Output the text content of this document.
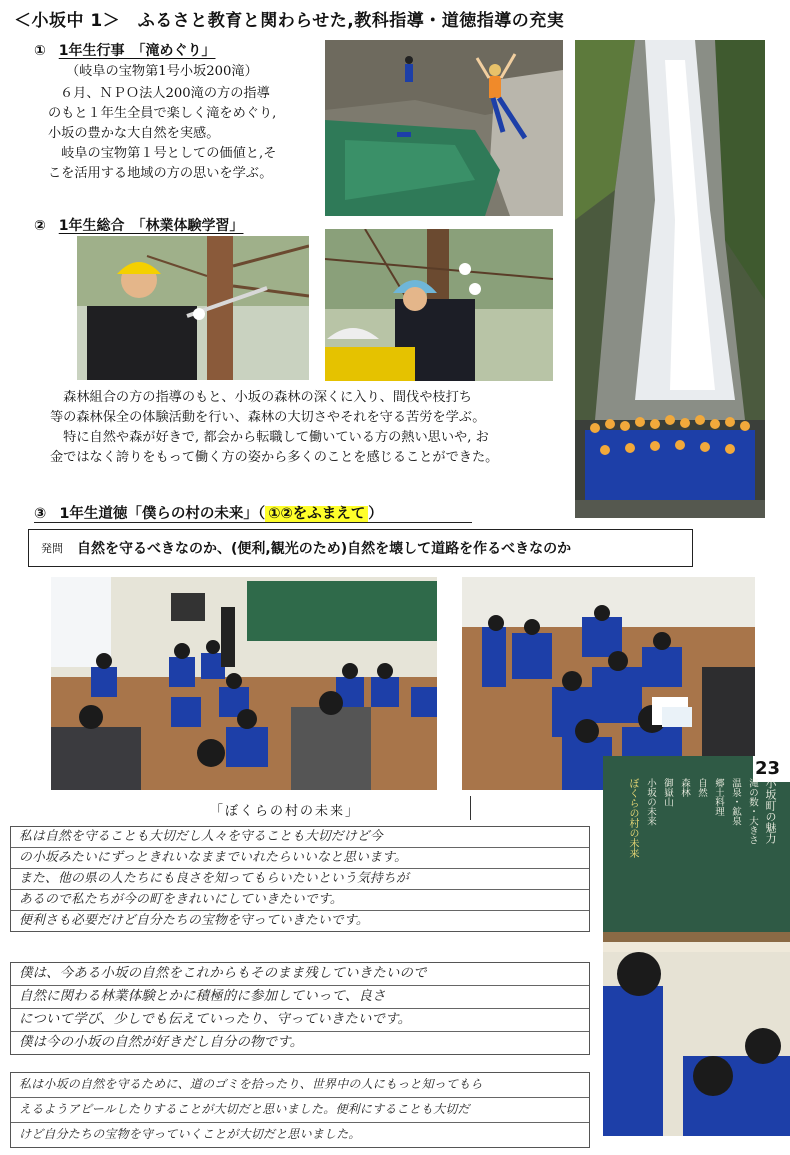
＜小坂中 1＞　ふるさと教育と関わらせた,教科指導・道徳指導の充実
① 1年生行事　「滝めぐり」
（岐阜の宝物第1号小坂200滝）
６月、ＮＰＯ法人200滝の方の指導
のもと１年生全員で楽しく滝をめぐり,
小坂の豊かな大自然を実感。
　岐阜の宝物第１号としての価値と,そ
こを活用する地域の方の思いを学ぶ。
② 1年生総合　「林業体験学習」
　森林組合の方の指導のもと、小坂の森林の深くに入り、間伐や枝打ち
等の森林保全の体験活動を行い、森林の大切さやそれを守る苦労を学ぶ。
　特に自然や森が好きで, 都会から転職して働いている方の熱い思いや, お
金ではなく誇りをもって働く方の姿から多くのことを感じることができた。
③ 1年生道徳「僕らの村の未来」（ ①②をふまえて ）
発問 自然を守るべきなのか、(便利,観光のため)自然を壊して道路を作るべきなのか
「ぼくらの村の未来」
私は自然を守ることも大切だし人々を守ることも大切だけど今
の小坂みたいにずっときれいなままでいれたらいいなと思います。
また、他の県の人たちにも良さを知ってもらいたいという気持ちが
あるので私たちが今の町をきれいにしていきたいです。
便利さも必要だけど自分たちの宝物を守っていきたいです。
僕は、今ある小坂の自然をこれからもそのまま残していきたいので
自然に関わる林業体験とかに積極的に参加していって、良さ
について学び、少しでも伝えていったり、守っていきたいです。
僕は今の小坂の自然が好きだし自分の物です。
私は小坂の自然を守るために、道のゴミを拾ったり、世界中の人にもっと知ってもら
えるようアピールしたりすることが大切だと思いました。便利にすることも大切だ
けど自分たちの宝物を守っていくことが大切だと思いました。
23
小坂町の魅力
滝の数・大きさ
温泉・鉱泉
郷土料理
自然
森林
御嶽山
小坂の未来
ぼくらの村の未来
